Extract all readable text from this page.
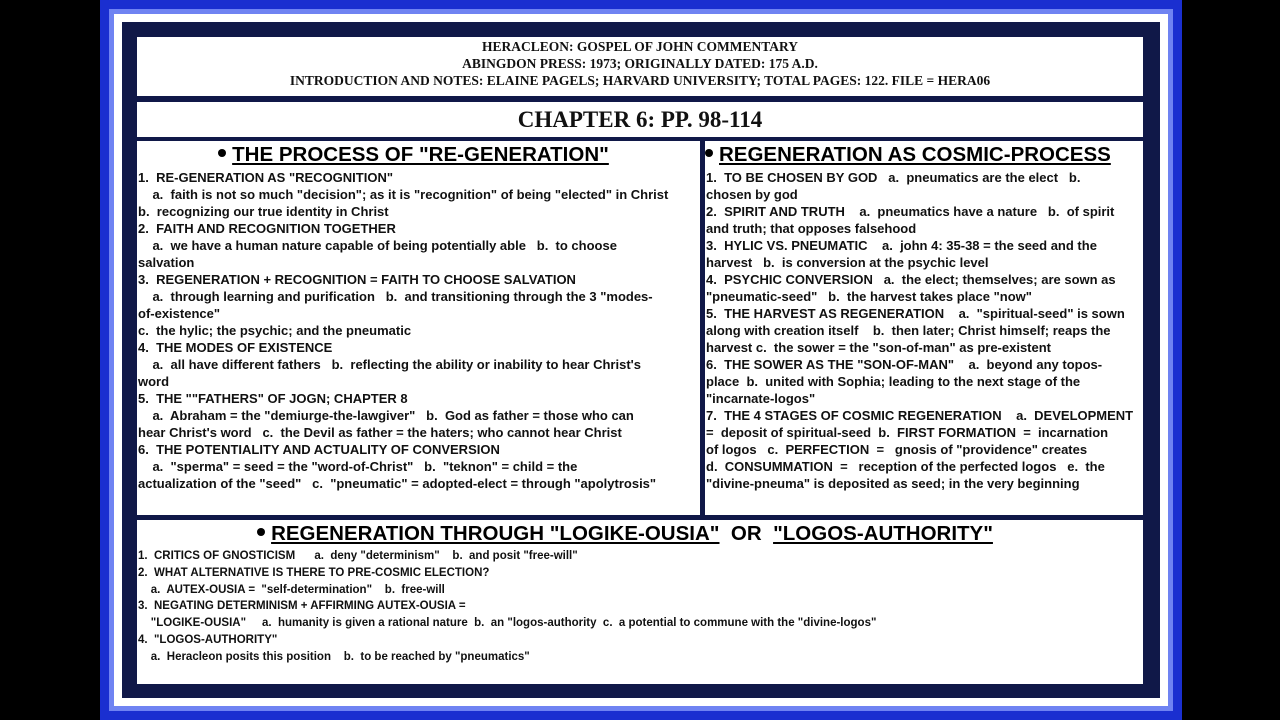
HERACLEON: GOSPEL OF JOHN COMMENTARY
ABINGDON PRESS: 1973; ORIGINALLY DATED: 175 A.D.
INTRODUCTION AND NOTES: ELAINE PAGELS; HARVARD UNIVERSITY; TOTAL PAGES: 122. FILE = HERA06
CHAPTER 6: PP. 98-114
THE PROCESS OF "RE-GENERATION"
1.  RE-GENERATION AS "RECOGNITION"
a.  faith is not so much "decision"; as it is "recognition" of being "elected" in Christ
b.  recognizing our true identity in Christ
2.  FAITH AND RECOGNITION TOGETHER
a.  we have a human nature capable of being potentially able   b.  to choose
salvation
3.  REGENERATION + RECOGNITION = FAITH TO CHOOSE SALVATION
a.  through learning and purification   b.  and transitioning through the 3 "modes-
of-existence"
c.  the hylic; the psychic; and the pneumatic
4.  THE MODES OF EXISTENCE
a.  all have different fathers   b.  reflecting the ability or inability to hear Christ's
word
5.  THE ""FATHERS" OF JOGN; CHAPTER 8
a.  Abraham = the "demiurge-the-lawgiver"   b.  God as father = those who can
hear Christ's word   c.  the Devil as father = the haters; who cannot hear Christ
6.  THE POTENTIALITY AND ACTUALITY OF CONVERSION
a.  "sperma" = seed = the "word-of-Christ"   b.  "teknon" = child = the
actualization of the "seed"   c.  "pneumatic" = adopted-elect = through "apolytrosis"
REGENERATION AS COSMIC-PROCESS
1.  TO BE CHOSEN BY GOD   a.  pneumatics are the elect   b.
chosen by god
2.  SPIRIT AND TRUTH    a.  pneumatics have a nature   b.  of spirit
and truth; that opposes falsehood
3.  HYLIC VS. PNEUMATIC    a.  john 4: 35-38 = the seed and the
harvest   b.  is conversion at the psychic level
4.  PSYCHIC CONVERSION   a.  the elect; themselves; are sown as
"pneumatic-seed"   b.  the harvest takes place "now"
5.  THE HARVEST AS REGENERATION    a.  "spiritual-seed" is sown
along with creation itself    b.  then later; Christ himself; reaps the
harvest c.  the sower = the "son-of-man" as pre-existent
6.  THE SOWER AS THE "SON-OF-MAN"    a.  beyond any topos-
place  b.  united with Sophia; leading to the next stage of the
"incarnate-logos"
7.  THE 4 STAGES OF COSMIC REGENERATION    a.  DEVELOPMENT
=  deposit of spiritual-seed  b.  FIRST FORMATION  =  incarnation
of logos   c.  PERFECTION  =   gnosis of "providence" creates
d.  CONSUMMATION  =   reception of the perfected logos   e.  the
"divine-pneuma" is deposited as seed; in the very beginning
REGENERATION THROUGH "LOGIKE-OUSIA" OR "LOGOS-AUTHORITY"
1.  CRITICS OF GNOSTICISM      a.  deny "determinism"    b.  and posit "free-will"
2.  WHAT ALTERNATIVE IS THERE TO PRE-COSMIC ELECTION?
a.  AUTEX-OUSIA =  "self-determination"    b.  free-will
3.  NEGATING DETERMINISM + AFFIRMING AUTEX-OUSIA =
"LOGIKE-OUSIA"     a.  humanity is given a rational nature  b.  an "logos-authority  c.  a potential to commune with the "divine-logos"
4.  "LOGOS-AUTHORITY"
a.  Heracleon posits this position    b.  to be reached by "pneumatics"
